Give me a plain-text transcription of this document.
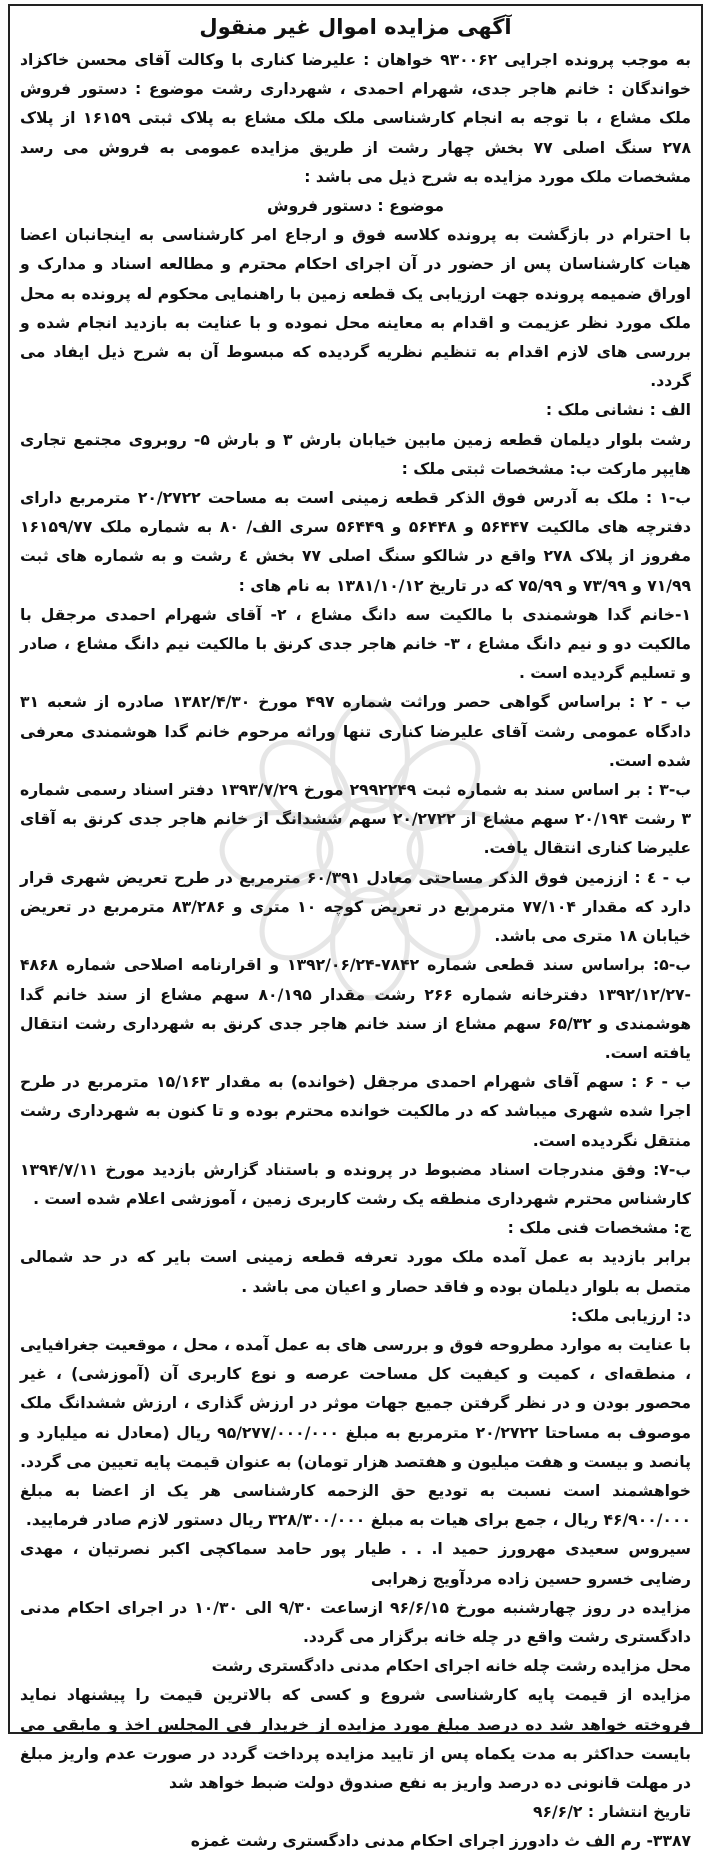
آگهی مزایده اموال غیر منقول

به موجب پرونده اجرایی ۹۳۰۰۶۲ خواهان : علیرضا کناری با وکالت آقای محسن خاکزاد خواندگان : خانم هاجر جدی، شهرام احمدی ، شهرداری رشت موضوع : دستور فروش ملک مشاع ، با توجه به انجام کارشناسی ملک ملک مشاع به پلاک ثبتی ۱۶۱۵۹ از پلاک ۲۷۸ سنگ اصلی ۷۷ بخش چهار رشت از طریق مزایده عمومی به فروش می رسد مشخصات ملک مورد مزایده به شرح ذیل می باشد :

موضوع : دستور فروش

با احترام در بازگشت به پرونده کلاسه فوق و ارجاع امر کارشناسی به اینجانبان اعضا هیات کارشناسان پس از حضور در آن اجرای احکام محترم و مطالعه اسناد و مدارک و اوراق ضمیمه پرونده جهت ارزیابی یک قطعه زمین با راهنمایی محکوم له پرونده به محل ملک مورد نظر عزیمت و اقدام به معاینه محل نموده و با عنایت به بازدید انجام شده و بررسی های لازم اقدام به تنظیم نظریه گردیده که مبسوط آن به شرح ذیل ایفاد می گردد.

الف : نشانی ملک :

رشت بلوار دیلمان قطعه زمین مابین خیابان بارش ۳ و بارش ۵- روبروی مجتمع تجاری هایپر مارکت ب: مشخصات ثبتی ملک :

ب-۱ : ملک به آدرس فوق الذکر قطعه زمینی است به مساحت ۲۰/۲۷۲۲ مترمربع دارای دفترچه های مالکیت ۵۶۴۴۷ و ۵۶۴۴۸ و ۵۶۴۴۹ سری الف/ ۸۰ به شماره ملک ۱۶۱۵۹/۷۷ مفروز از پلاک ۲۷۸ واقع در شالکو سنگ اصلی ۷۷ بخش ٤ رشت و به شماره های ثبت ۷۱/۹۹ و ۷۳/۹۹ و ۷۵/۹۹ که در تاریخ ۱۳۸۱/۱۰/۱۲ به نام های :

۱-خانم گدا هوشمندی با مالکیت سه دانگ مشاع ، ۲- آقای شهرام احمدی مرجقل با مالکیت دو و نیم دانگ مشاع ، ۳- خانم هاجر جدی کرنق با مالکیت نیم دانگ مشاع ، صادر و تسلیم گردیده است .

ب - ۲ : براساس گواهی حصر وراثت شماره ۴۹۷ مورخ ۱۳۸۲/۴/۳۰ صادره از شعبه ۳۱ دادگاه عمومی رشت آقای علیرضا کناری تنها وراثه مرحوم خانم گدا هوشمندی معرفی شده است.

ب-۳ : بر اساس سند به شماره ثبت ۲۹۹۲۲۴۹ مورخ ۱۳۹۳/۷/۲۹ دفتر اسناد رسمی شماره ۳ رشت ۲۰/۱۹۴ سهم مشاع از ۲۰/۲۷۲۲ سهم ششدانگ از خانم هاجر جدی کرنق به آقای علیرضا کناری انتقال یافت.

ب - ٤ : اززمین فوق الذکر مساحتی معادل ۶۰/۳۹۱ مترمربع در طرح تعریض شهری قرار دارد که مقدار ۷۷/۱۰۴ مترمربع در تعریض کوچه ۱۰ متری و ۸۳/۲۸۶ مترمربع در تعریض خیابان ۱۸ متری می باشد.

ب-۵: براساس سند قطعی شماره ۷۸۴۲-۱۳۹۲/۰۶/۲۴ و اقرارنامه اصلاحی شماره ۴۸۶۸ -۱۳۹۲/۱۲/۲۷ دفترخانه شماره ۲۶۶ رشت مقدار ۸۰/۱۹۵ سهم مشاع از سند خانم گدا هوشمندی و ۶۵/۳۲ سهم مشاع از سند خانم هاجر جدی کرنق به شهرداری رشت انتقال یافته است.

ب - ۶ : سهم آقای شهرام احمدی مرجقل (خوانده) به مقدار ۱۵/۱۶۳ مترمربع در طرح اجرا شده شهری میباشد که در مالکیت خوانده محترم بوده و تا کنون به شهرداری رشت منتقل نگردیده است.

ب-۷: وفق مندرجات اسناد مضبوط در پرونده و باستناد گزارش بازدید مورخ ۱۳۹۴/۷/۱۱ کارشناس محترم شهرداری منطقه یک رشت کاربری زمین ، آموزشی اعلام شده است .

ج: مشخصات فنی ملک :

برابر بازدید به عمل آمده ملک مورد تعرفه قطعه زمینی است بایر که در حد شمالی متصل به بلوار دیلمان بوده و فاقد حصار و اعیان می باشد .

د: ارزیابی ملک:

با عنایت به موارد مطروحه فوق و بررسی های به عمل آمده ، محل ، موقعیت جغرافیایی ، منطقه‌ای ، کمیت و کیفیت کل مساحت عرصه و نوع کاربری آن (آموزشی) ، غیر محصور بودن و در نظر گرفتن جمیع جهات موثر در ارزش گذاری ، ارزش ششدانگ ملک موصوف به مساحتا ۲۰/۲۷۲۲ مترمربع به مبلغ ۹۵/۲۷۷/۰۰۰/۰۰۰ ریال (معادل نه میلیارد و پانصد و بیست و هفت میلیون و هفتصد هزار تومان) به عنوان قیمت پایه تعیین می گردد.

خواهشمند است نسبت به تودیع حق الزحمه کارشناسی هر یک از اعضا به مبلغ ۴۶/۹۰۰/۰۰۰ ریال ، جمع برای هیات به مبلغ ۳۲۸/۳۰۰/۰۰۰ ریال دستور لازم صادر فرمایید.

سیروس سعیدی مهرورز حمید ا. . . طیار پور حامد سماکچی اکبر نصرتیان ، مهدی رضایی خسرو حسین زاده مردآویج زهرابی

مزایده در روز چهارشنبه مورخ ۹۶/۶/۱۵ ازساعت ۹/۳۰ الی ۱۰/۳۰ در اجرای احکام مدنی دادگستری رشت واقع در چله خانه برگزار می گردد.

محل مزایده رشت چله خانه اجرای احکام مدنی دادگستری رشت

مزایده از قیمت پایه کارشناسی شروع و کسی که بالاترین قیمت را پیشنهاد نماید فروخته خواهد شد ده درصد مبلغ مورد مزایده از خریدار فی المجلس اخذ و مابقی می بایست حداکثر به مدت یکماه پس از تایید مزایده پرداخت گردد در صورت عدم واریز مبلغ در مهلت قانونی ده درصد واریز به نفع صندوق دولت ضبط خواهد شد

تاریخ انتشار : ۹۶/۶/۲

۳۳۸۷- رم الف ث دادورز اجرای احکام مدنی دادگستری رشت غمزه
